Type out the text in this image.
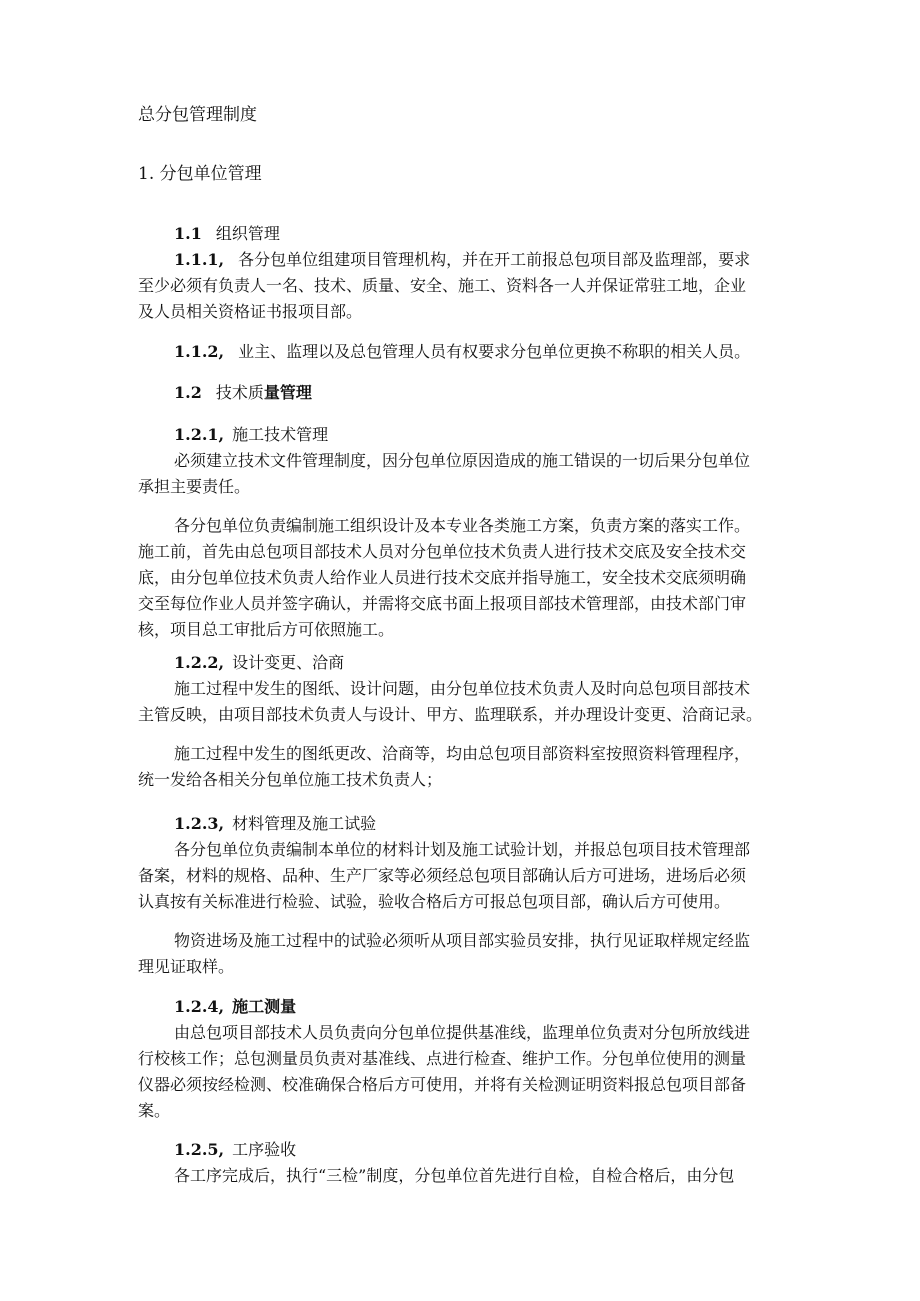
总分包管理制度
1. 分包单位管理
1.1 组织管理
1.1.1, 各分包单位组建项目管理机构，并在开工前报总包项目部及监理部，要求
至少必须有负责人一名、技术、质量、安全、施工、资料各一人并保证常驻工地，企业
及人员相关资格证书报项目部。
1.1.2, 业主、监理以及总包管理人员有权要求分包单位更换不称职的相关人员。
1.2 技术质量管理
1.2.1, 施工技术管理
必须建立技术文件管理制度，因分包单位原因造成的施工错误的一切后果分包单位
承担主要责任。
各分包单位负责编制施工组织设计及本专业各类施工方案，负责方案的落实工作。
施工前，首先由总包项目部技术人员对分包单位技术负责人进行技术交底及安全技术交
底，由分包单位技术负责人给作业人员进行技术交底并指导施工，安全技术交底须明确
交至每位作业人员并签字确认，并需将交底书面上报项目部技术管理部，由技术部门审
核，项目总工审批后方可依照施工。
1.2.2, 设计变更、洽商
施工过程中发生的图纸、设计问题，由分包单位技术负责人及时向总包项目部技术
主管反映，由项目部技术负责人与设计、甲方、监理联系，并办理设计变更、洽商记录。
施工过程中发生的图纸更改、洽商等，均由总包项目部资料室按照资料管理程序，
统一发给各相关分包单位施工技术负责人；
1.2.3, 材料管理及施工试验
各分包单位负责编制本单位的材料计划及施工试验计划，并报总包项目技术管理部
备案，材料的规格、品种、生产厂家等必须经总包项目部确认后方可进场，进场后必须
认真按有关标准进行检验、试验，验收合格后方可报总包项目部，确认后方可使用。
物资进场及施工过程中的试验必须听从项目部实验员安排，执行见证取样规定经监
理见证取样。
1.2.4, 施工测量
由总包项目部技术人员负责向分包单位提供基准线，监理单位负责对分包所放线进
行校核工作；总包测量员负责对基准线、点进行检查、维护工作。分包单位使用的测量
仪器必须按经检测、校准确保合格后方可使用，并将有关检测证明资料报总包项目部备
案。
1.2.5, 工序验收
各工序完成后，执行“三检”制度，分包单位首先进行自检，自检合格后，由分包
